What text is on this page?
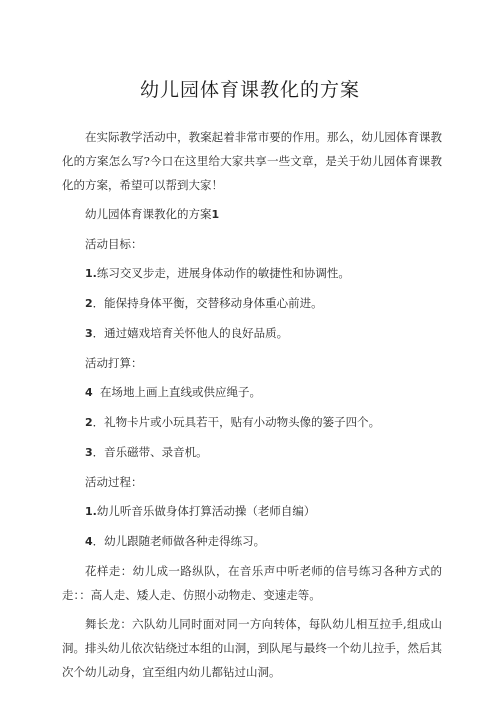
幼儿园体育课教化的方案

在实际教学活动中，教案起着非常市要的作用。那么，幼儿园体育课教化的方案怎么写?今口在这里给大家共享一些文章，是关于幼儿园体育课教化的方案，希望可以帮到大家！

幼儿园体育课教化的方案1

活动目标：

1.练习交叉步走，进展身体动作的敏捷性和协调性。

2．能保持身体平衡，交替移动身体重心前进。

3．通过嬉戏培育关怀他人的良好品质。

活动打算：

4 在场地上画上直线或供应绳子。

2．礼物卡片或小玩具若干，贴有小动物头像的篓子四个。

3．音乐磁带、录音机。

活动过程：

1.幼儿听音乐做身体打算活动操（老师自编）

4．幼儿跟随老师做各种走得练习。

花样走：幼儿成一路纵队，在音乐声中听老师的信号练习各种方式的走：：高人走、矮人走、仿照小动物走、变速走等。

舞长龙：六队幼儿同时面对同一方向转体，每队幼儿相互拉手,组成山洞。排头幼儿依次钻绕过本组的山洞，到队尾与最终一个幼儿拉手，然后其次个幼儿动身，宜至组内幼儿都钻过山洞。
